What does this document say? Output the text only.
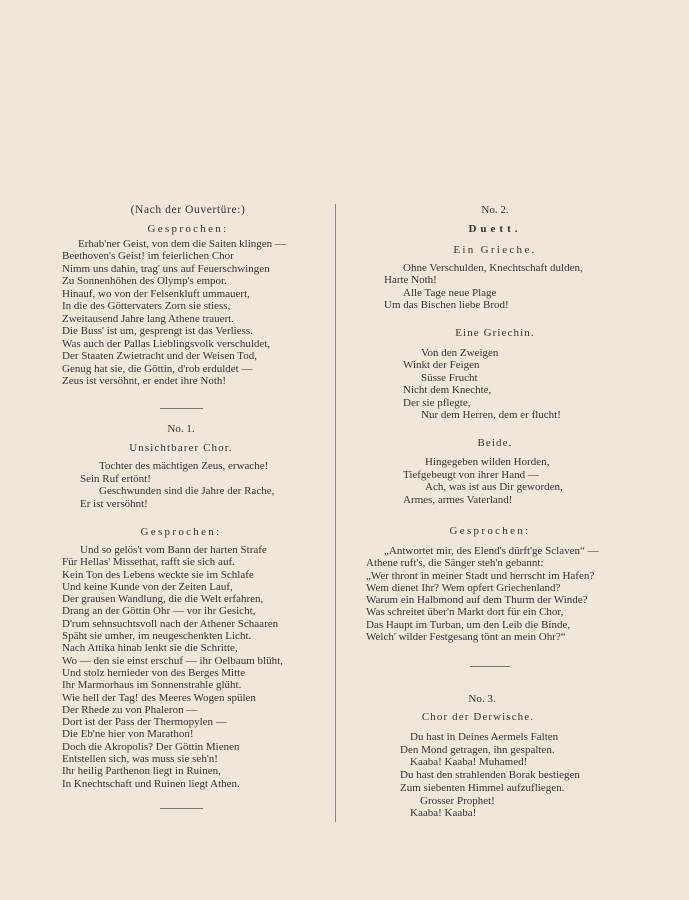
(Nach der Ouvertüre:)
Gesprochen:
Erhab'ner Geist, von dem die Saiten klingen —
Beethoven's Geist! im feierlichen Chor
Nimm uns dahin, trag' uns auf Feuerschwingen
Zu Sonnenhöhen des Olymp's empor.
Hinauf, wo von der Felsenkluft ummauert,
In die des Göttervaters Zorn sie stiess,
Zweitausend Jahre lang Athene trauert.
Die Buss' ist um, gesprengt ist das Verliess.
Was auch der Pallas Lieblingsvolk verschuldet,
Der Staaten Zwietracht und der Weisen Tod,
Genug hat sie, die Göttin, d'rob erduldet —
Zeus ist versöhnt, er endet ihre Noth!
No. 1.
Unsichtbarer Chor.
Tochter des mächtigen Zeus, erwache!
Sein Ruf ertönt!
Geschwunden sind die Jahre der Rache,
Er ist versöhnt!
Gesprochen:
Und so gelös't vom Bann der harten Strafe
Für Hellas' Missethat, rafft sie sich auf.
Kein Ton des Lebens weckte sie im Schlafe
Und keine Kunde von der Zeiten Lauf,
Der grausen Wandlung, die die Welt erfahren,
Drang an der Göttin Ohr — vor ihr Gesicht,
D'rum sehnsuchtsvoll nach der Athener Schaaren
Späht sie umher, im neugeschenkten Licht.
Nach Attika hinab lenkt sie die Schritte,
Wo — den sie einst erschuf — ihr Oelbaum blüht,
Und stolz hernieder von des Berges Mitte
Ihr Marmorhaus im Sonnenstrahle glüht.
Wie hell der Tag! des Meeres Wogen spülen
Der Rhede zu von Phaleron —
Dort ist der Pass der Thermopylen —
Die Eb'ne hier von Marathon!
Doch die Akropolis? Der Göttin Mienen
Entstellen sich, was muss sie seh'n!
Ihr heilig Parthenon liegt in Ruinen,
In Knechtschaft und Ruinen liegt Athen.
No. 2.
Duett.
Ein Grieche.
Ohne Verschulden, Knechtschaft dulden,
Harte Noth!
Alle Tage neue Plage
Um das Bischen liebe Brod!
Eine Griechin.
Von den Zweigen
Winkt der Feigen
Süsse Frucht
Nicht dem Knechte,
Der sie pflegte,
Nur dem Herren, dem er flucht!
Beide.
Hingegeben wilden Horden,
Tiefgebeugt von ihrer Hand —
Ach, was ist aus Dir geworden,
Armes, armes Vaterland!
Gesprochen:
„Antwortet mir, des Elend's dürft'ge Sclaven“ —
Athene ruft's, die Sänger steh'n gebannt:
„Wer thront in meiner Stadt und herrscht im Hafen?
Wem dienet Ihr? Wem opfert Griechenland?
Warum ein Halbmond auf dem Thurm der Winde?
Was schreitet über'n Markt dort für ein Chor,
Das Haupt im Turban, um den Leib die Binde,
Welch' wilder Festgesang tönt an mein Ohr?“
No. 3.
Chor der Derwische.
Du hast in Deines Aermels Falten
Den Mond getragen, ihn gespalten.
Kaaba! Kaaba! Muhamed!
Du hast den strahlenden Borak bestiegen
Zum siebenten Himmel aufzufliegen.
Grosser Prophet!
Kaaba! Kaaba!
